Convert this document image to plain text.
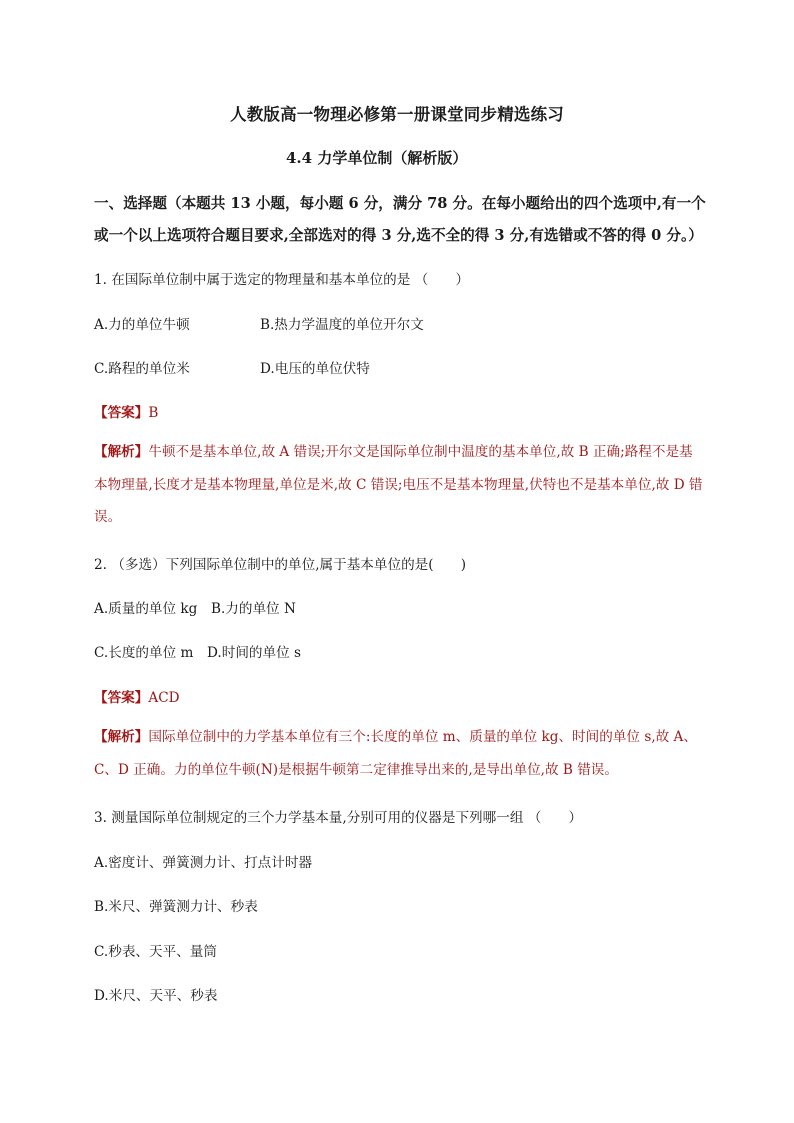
人教版高一物理必修第一册课堂同步精选练习
4.4 力学单位制（解析版）
一、选择题（本题共 13 小题，每小题 6 分，满分 78 分。在每小题给出的四个选项中,有一个或一个以上选项符合题目要求,全部选对的得 3 分,选不全的得 3 分,有选错或不答的得 0 分。）
1. 在国际单位制中属于选定的物理量和基本单位的是 （　　）
A.力的单位牛顿	B.热力学温度的单位开尔文
C.路程的单位米	D.电压的单位伏特
【答案】B
【解析】牛顿不是基本单位,故 A 错误;开尔文是国际单位制中温度的基本单位,故 B 正确;路程不是基本物理量,长度才是基本物理量,单位是米,故 C 错误;电压不是基本物理量,伏特也不是基本单位,故 D 错误。
2. （多选）下列国际单位制中的单位,属于基本单位的是(　　)
A.质量的单位 kg　B.力的单位 N
C.长度的单位 m　D.时间的单位 s
【答案】ACD
【解析】国际单位制中的力学基本单位有三个:长度的单位 m、质量的单位 kg、时间的单位 s,故 A、C、D 正确。力的单位牛顿(N)是根据牛顿第二定律推导出来的,是导出单位,故 B 错误。
3. 测量国际单位制规定的三个力学基本量,分别可用的仪器是下列哪一组 （　　）
A.密度计、弹簧测力计、打点计时器
B.米尺、弹簧测力计、秒表
C.秒表、天平、量筒
D.米尺、天平、秒表
